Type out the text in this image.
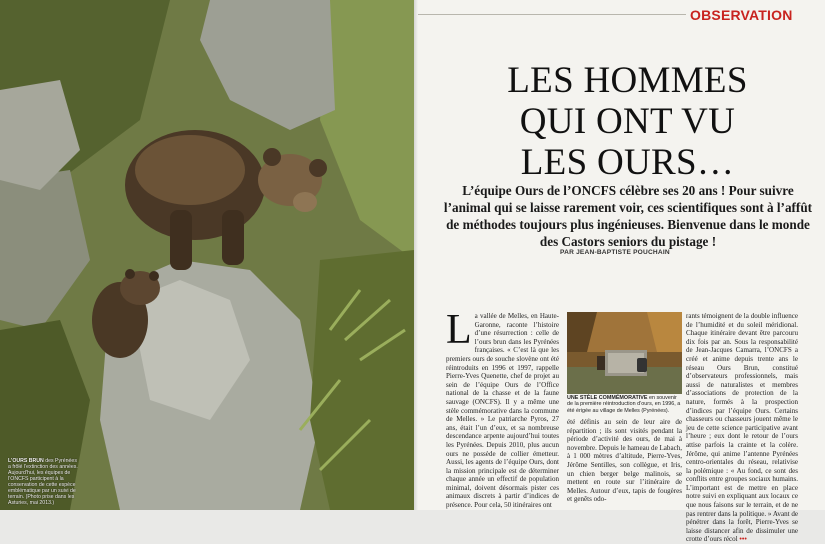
L’OURS BRUN des Pyrénées a frôlé l’extinction des années. Aujourd’hui, les équipes de l’ONCFS participent à la conservation de cette espèce emblématique par un suivi de terrain. (Photo prise dans les Asturies, mai 2013.)
OBSERVATION
LES HOMMES
QUI ONT VU
LES OURS…
L’équipe Ours de l’ONCFS célèbre ses 20 ans ! Pour suivre l’animal qui se laisse rarement voir, ces scientifiques sont à l’affût de méthodes toujours plus ingénieuses. Bienvenue dans le monde des Castors seniors du pistage !
PAR JEAN-BAPTISTE POUCHAIN
La vallée de Melles, en Haute-Garonne, raconte l’histoire d’une résurrection : celle de l’ours brun dans les Pyrénées françaises. « C’est là que les premiers ours de souche slovène ont été réintroduits en 1996 et 1997, rappelle Pierre-Yves Quenette, chef de projet au sein de l’équipe Ours de l’Office national de la chasse et de la faune sauvage (ONCFS). Il y a même une stèle commémorative dans la commune de Melles. » Le patriarche Pyros, 27 ans, était l’un d’eux, et sa nombreuse descendance arpente aujourd’hui toutes les Pyrénées. Depuis 2010, plus aucun ours ne possède de collier émetteur. Aussi, les agents de l’équipe Ours, dont la mission principale est de déterminer chaque année un effectif de population minimal, doivent désormais pister ces animaux discrets à partir d’indices de présence. Pour cela, 50 itinéraires ont
UNE STÈLE COMMÉMORATIVE en souvenir de la première réintroduction d’ours, en 1996, a été érigée au village de Melles (Pyrénées).
été définis au sein de leur aire de répartition ; ils sont visités pendant la période d’activité des ours, de mai à novembre. Depuis le hameau de Labach, à 1 000 mètres d’altitude, Pierre-Yves, Jérôme Sentilles, son collègue, et Iris, un chien berger belge malinois, se mettent en route sur l’itinéraire de Melles. Autour d’eux, tapis de fougères et genêts odo-
rants témoignent de la double influence de l’humidité et du soleil méridional. Chaque itinéraire devant être parcouru dix fois par an. Sous la responsabilité de Jean-Jacques Camarra, l’ONCFS a créé et anime depuis trente ans le réseau Ours Brun, constitué d’observateurs professionnels, mais aussi de naturalistes et membres d’associations de protection de la nature, formés à la prospection d’indices par l’équipe Ours. Certains chasseurs ou chasseurs jouent même le jeu de cette science participative avant l’heure ; eux dont le retour de l’ours attise parfois la crainte et la colère. Jérôme, qui anime l’antenne Pyrénées centro-orientales du réseau, relativise la polémique : « Au fond, ce sont des conflits entre groupes sociaux humains. L’important est de mettre en place notre suivi en expliquant aux locaux ce que nous faisons sur le terrain, et de ne pas rentrer dans la politique. » Avant de pénétrer dans la forêt, Pierre-Yves se laisse distancer afin de dissimuler une crotte d’ours récol •••
